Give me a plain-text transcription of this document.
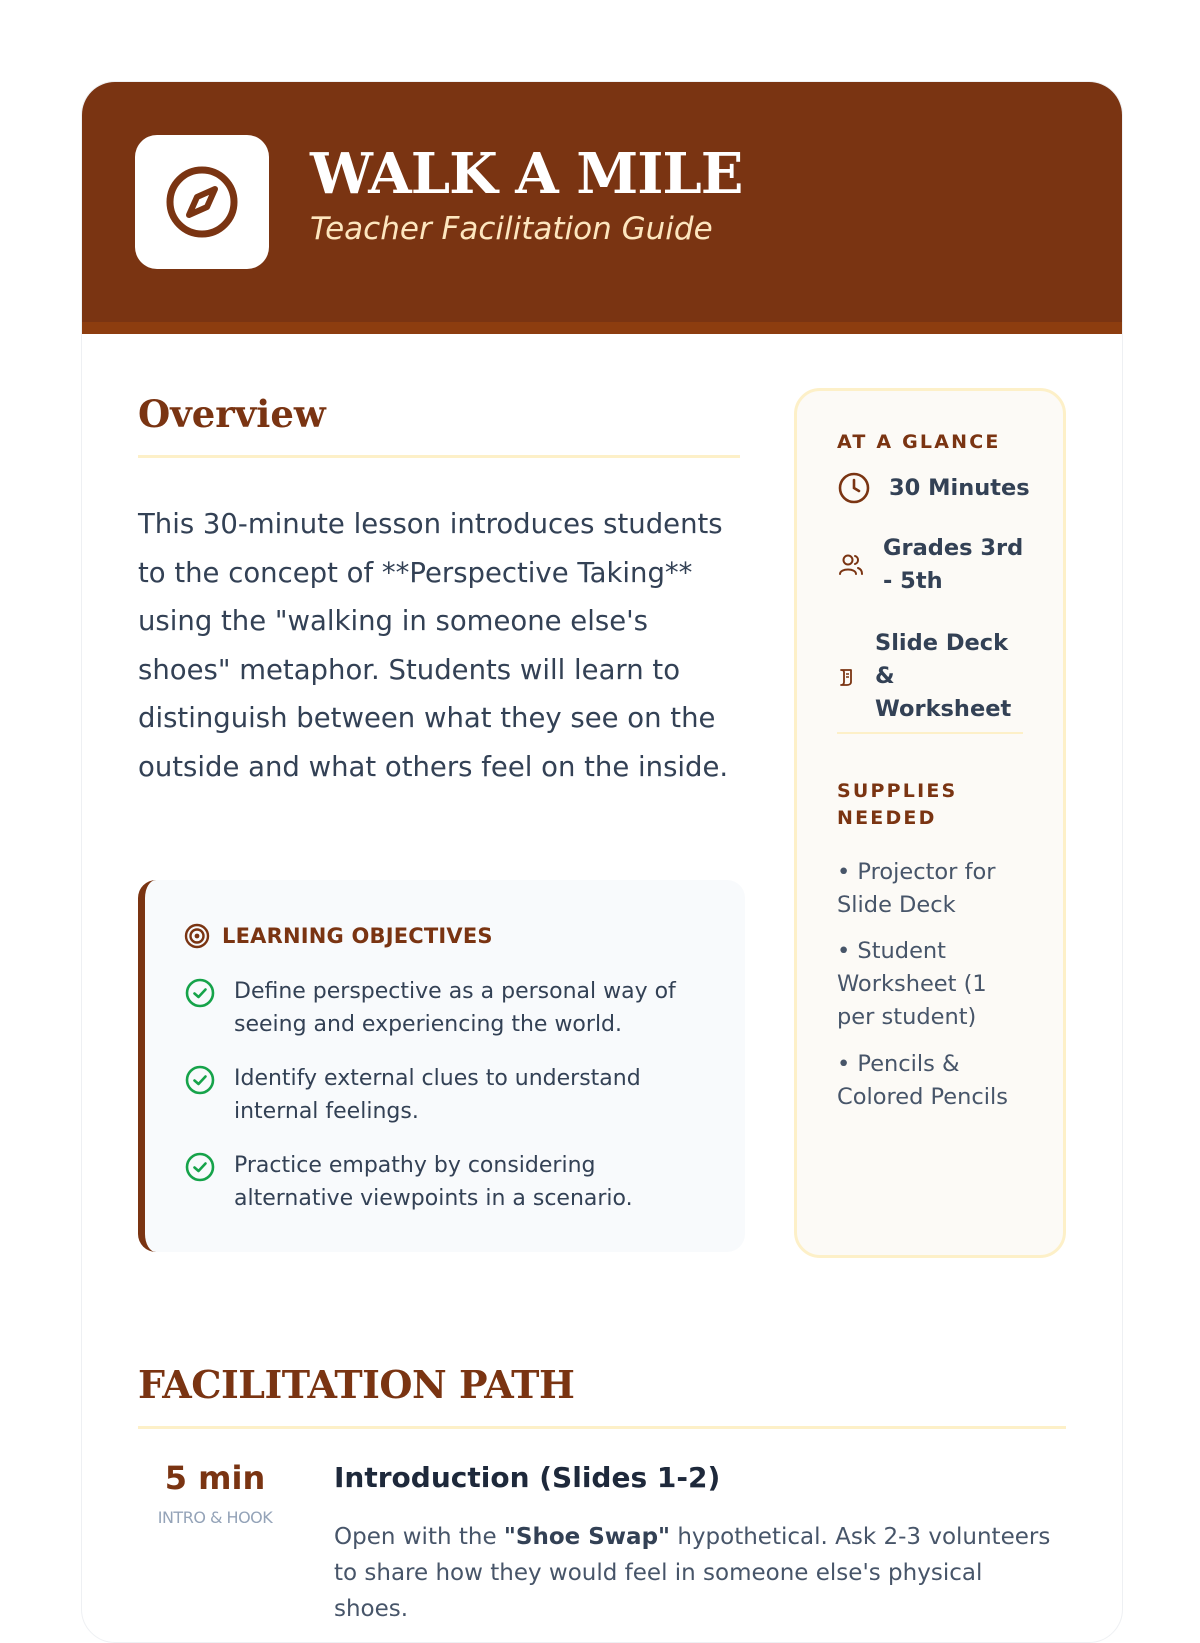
WALK A MILE
Teacher Facilitation Guide
Overview
This 30-minute lesson introduces students to the concept of **Perspective Taking** using the "walking in someone else's shoes" metaphor. Students will learn to distinguish between what they see on the outside and what others feel on the inside.
LEARNING OBJECTIVES
Define perspective as a personal way of seeing and experiencing the world.
Identify external clues to understand internal feelings.
Practice empathy by considering alternative viewpoints in a scenario.
AT A GLANCE
30 Minutes
Grades 3rd - 5th
Slide Deck & Worksheet
SUPPLIES NEEDED
• Projector for Slide Deck
• Student Worksheet (1 per student)
• Pencils & Colored Pencils
FACILITATION PATH
5 min
INTRO & HOOK
Introduction (Slides 1-2)
Open with the "Shoe Swap" hypothetical. Ask 2-3 volunteers to share how they would feel in someone else's physical shoes.
